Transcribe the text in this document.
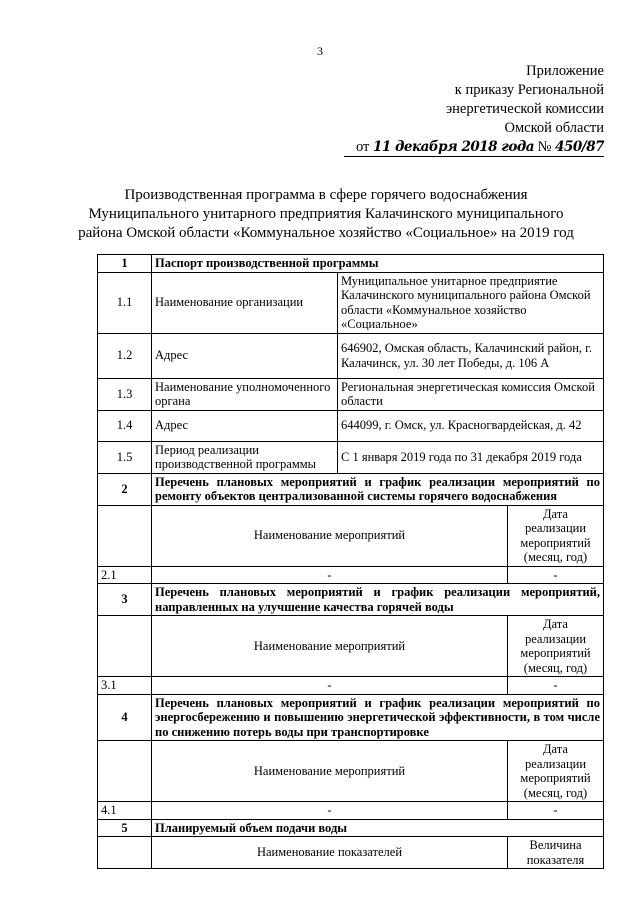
3
Приложение
к приказу Региональной
энергетической комиссии
Омской области
от 11 декабря 2018 года № 450/87
Производственная программа в сфере горячего водоснабжения
Муниципального унитарного предприятия Калачинского муниципального
района Омской области «Коммунальное хозяйство «Социальное» на 2019 год
1	Паспорт производственной программы		
1.1	Наименование организации	Муниципальное унитарное предприятие Калачинского муниципального района Омской области «Коммунальное хозяйство «Социальное»	
1.2	Адрес	646902, Омская область, Калачинский район, г. Калачинск, ул. 30 лет Победы, д. 106 А	
1.3	Наименование уполномоченного органа	Региональная энергетическая комиссия Омской области	
1.4	Адрес	644099, г. Омск, ул. Красногвардейская, д. 42	
1.5	Период реализации производственной программы	С 1 января 2019 года по 31 декабря 2019 года	
2	Перечень плановых мероприятий и график реализации мероприятий по ремонту объектов централизованной системы горячего водоснабжения		
	Наименование мероприятий		Дата реализации мероприятий (месяц, год)
2.1	-		-
3	Перечень плановых мероприятий и график реализации мероприятий, направленных на улучшение качества горячей воды		
	Наименование мероприятий		Дата реализации мероприятий (месяц, год)
3.1	-		-
4	Перечень плановых мероприятий и график реализации мероприятий по энергосбережению и повышению энергетической эффективности, в том числе по снижению потерь воды при транспортировке		
	Наименование мероприятий		Дата реализации мероприятий (месяц, год)
4.1	-		-
5	Планируемый объем подачи воды		
	Наименование показателей		Величина показателя
